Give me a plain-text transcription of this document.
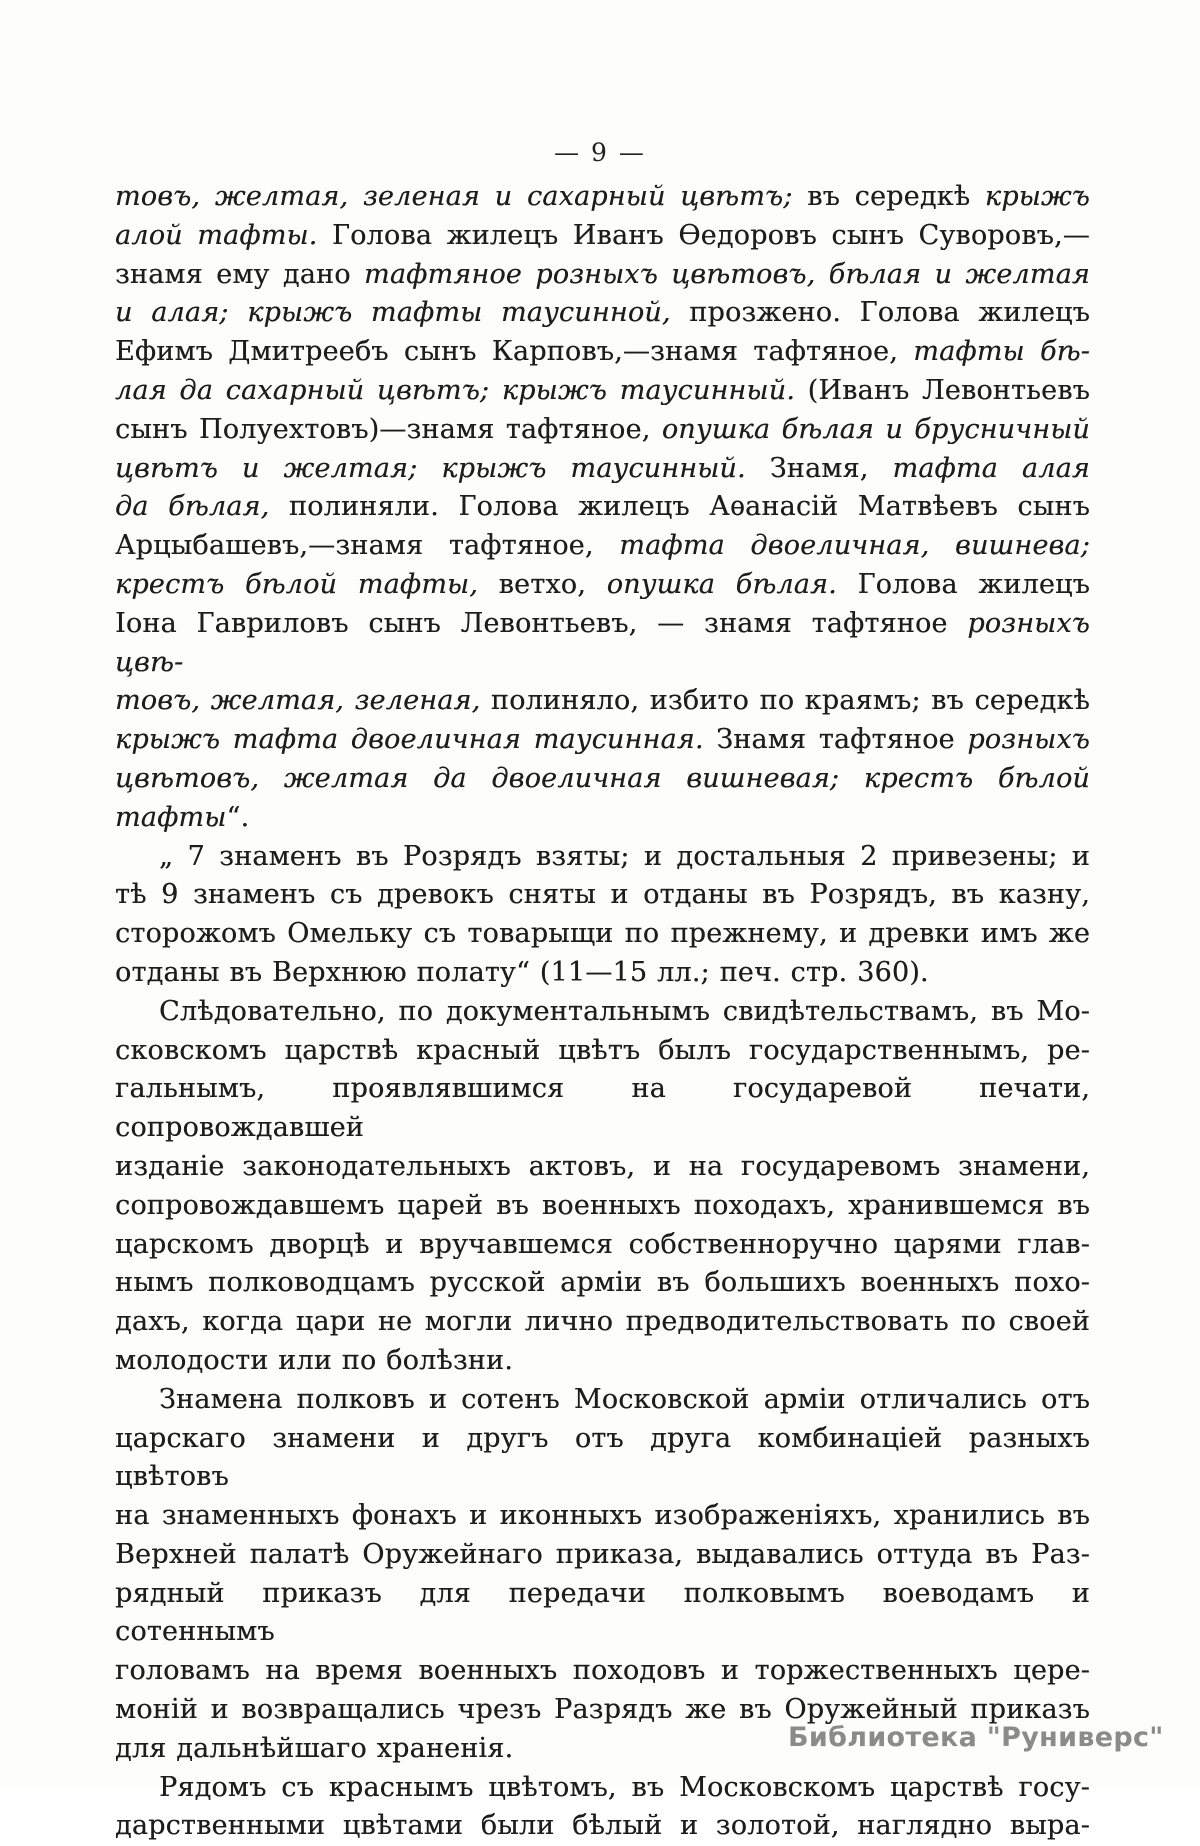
— 9 —
товъ, желтая, зеленая и сахарный цвѣтъ; въ середкѣ крыжъ
алой тафты. Голова жилецъ Иванъ Ѳедоровъ сынъ Суворовъ,—
знамя ему дано тафтяное розныхъ цвѣтовъ, бѣлая и желтая
и алая; крыжъ тафты таусинной, прозжено. Голова жилецъ
Ефимъ Дмитреебъ сынъ Карповъ,—знамя тафтяное, тафты бѣ-
лая да сахарный цвѣтъ; крыжъ таусинный. (Иванъ Левонтьевъ
сынъ Полуехтовъ)—знамя тафтяное, опушка бѣлая и брусничный
цвѣтъ и желтая; крыжъ таусинный. Знамя, тафта алая
да бѣлая, полиняли. Голова жилецъ Аѳанасій Матвѣевъ сынъ
Арцыбашевъ,—знамя тафтяное, тафта двоеличная, вишнева;
крестъ бѣлой тафты, ветхо, опушка бѣлая. Голова жилецъ
Іона Гавриловъ сынъ Левонтьевъ, — знамя тафтяное розныхъ цвѣ-
товъ, желтая, зеленая, полиняло, избито по краямъ; въ середкѣ
крыжъ тафта двоеличная таусинная. Знамя тафтяное розныхъ
цвѣтовъ, желтая да двоеличная вишневая; крестъ бѣлой тафты“.
„ 7 знаменъ въ Розрядъ взяты; и достальныя 2 привезены; и
тѣ 9 знаменъ съ древокъ сняты и отданы въ Розрядъ, въ казну,
сторожомъ Омельку съ товарыщи по прежнему, и древки имъ же
отданы въ Верхнюю полату“ (11—15 лл.; печ. стр. 360).
Слѣдовательно, по документальнымъ свидѣтельствамъ, въ Мо-
сковскомъ царствѣ красный цвѣтъ былъ государственнымъ, ре-
гальнымъ, проявлявшимся на государевой печати, сопровождавшей
изданіе законодательныхъ актовъ, и на государевомъ знамени,
сопровождавшемъ царей въ военныхъ походахъ, хранившемся въ
царскомъ дворцѣ и вручавшемся собственноручно царями глав-
нымъ полководцамъ русской арміи въ большихъ военныхъ похо-
дахъ, когда цари не могли лично предводительствовать по своей
молодости или по болѣзни.
Знамена полковъ и сотенъ Московской арміи отличались отъ
царскаго знамени и другъ отъ друга комбинаціей разныхъ цвѣтовъ
на знаменныхъ фонахъ и иконныхъ изображеніяхъ, хранились въ
Верхней палатѣ Оружейнаго приказа, выдавались оттуда въ Раз-
рядный приказъ для передачи полковымъ воеводамъ и сотеннымъ
головамъ на время военныхъ походовъ и торжественныхъ цере-
моній и возвращались чрезъ Разрядъ же въ Оружейный приказъ
для дальнѣйшаго храненія.
Рядомъ съ краснымъ цвѣтомъ, въ Московскомъ царствѣ госу-
дарственными цвѣтами были бѣлый и золотой, наглядно выра-
Библиотека "Руниверс"
